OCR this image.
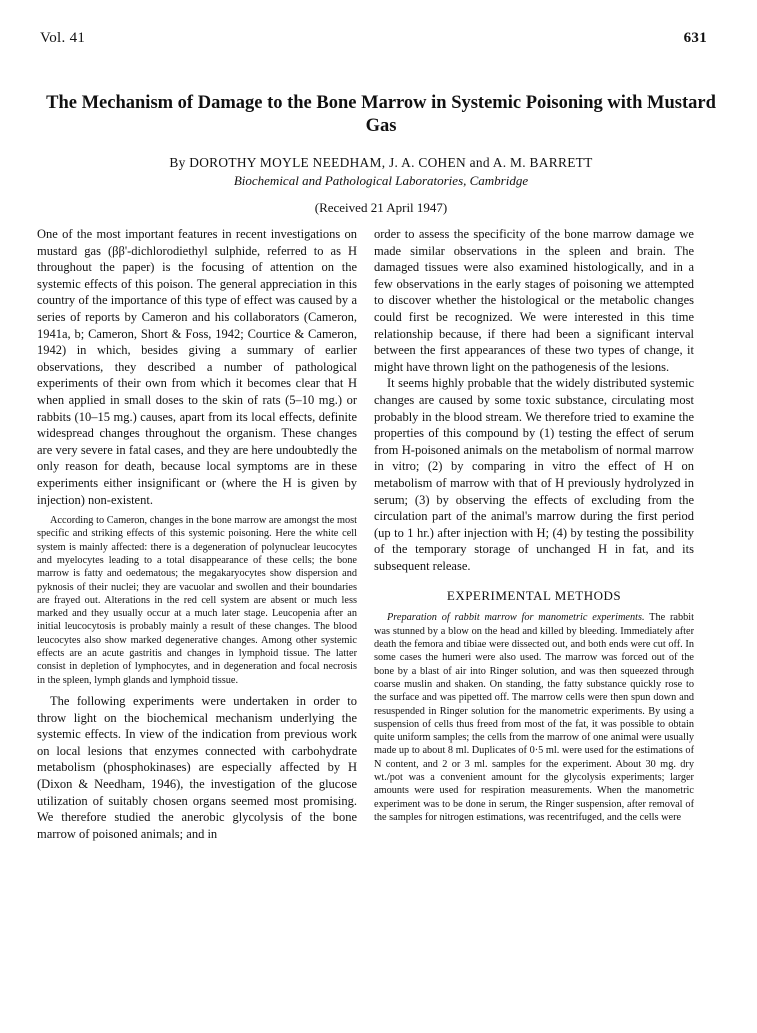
Vol. 41	631
The Mechanism of Damage to the Bone Marrow in Systemic Poisoning with Mustard Gas
By DOROTHY MOYLE NEEDHAM, J. A. COHEN and A. M. BARRETT
Biochemical and Pathological Laboratories, Cambridge
(Received 21 April 1947)

One of the most important features in recent investigations on mustard gas (ββ'-dichlorodiethyl sulphide, referred to as H throughout the paper) is the focusing of attention on the systemic effects of this poison. The general appreciation in this country of the importance of this type of effect was caused by a series of reports by Cameron and his collaborators (Cameron, 1941a, b; Cameron, Short & Foss, 1942; Courtice & Cameron, 1942) in which, besides giving a summary of earlier observations, they described a number of pathological experiments of their own from which it becomes clear that H when applied in small doses to the skin of rats (5–10 mg.) or rabbits (10–15 mg.) causes, apart from its local effects, definite widespread changes throughout the organism. These changes are very severe in fatal cases, and they are here undoubtedly the only reason for death, because local symptoms are in these experiments either insignificant or (where the H is given by injection) non-existent.

According to Cameron, changes in the bone marrow are amongst the most specific and striking effects of this systemic poisoning. Here the white cell system is mainly affected: there is a degeneration of polynuclear leucocytes and myelocytes leading to a total disappearance of these cells; the bone marrow is fatty and oedematous; the megakaryocytes show dispersion and pyknosis of their nuclei; they are vacuolar and swollen and their boundaries are frayed out. Alterations in the red cell system are absent or much less marked and they usually occur at a much later stage. Leucopenia after an initial leucocytosis is probably mainly a result of these changes. The blood leucocytes also show marked degenerative changes. Among other systemic effects are an acute gastritis and changes in lymphoid tissue. The latter consist in depletion of lymphocytes, and in degeneration and focal necrosis in the spleen, lymph glands and lymphoid tissue.

The following experiments were undertaken in order to throw light on the biochemical mechanism underlying the systemic effects. In view of the indication from previous work on local lesions that enzymes connected with carbohydrate metabolism (phosphokinases) are especially affected by H (Dixon & Needham, 1946), the investigation of the glucose utilization of suitably chosen organs seemed most promising. We therefore studied the anerobic glycolysis of the bone marrow of poisoned animals; and in

order to assess the specificity of the bone marrow damage we made similar observations in the spleen and brain. The damaged tissues were also examined histologically, and in a few observations in the early stages of poisoning we attempted to discover whether the histological or the metabolic changes could first be recognized. We were interested in this time relationship because, if there had been a significant interval between the first appearances of these two types of change, it might have thrown light on the pathogenesis of the lesions.

It seems highly probable that the widely distributed systemic changes are caused by some toxic substance, circulating most probably in the blood stream. We therefore tried to examine the properties of this compound by (1) testing the effect of serum from H-poisoned animals on the metabolism of normal marrow in vitro; (2) by comparing in vitro the effect of H on metabolism of marrow with that of H previously hydrolyzed in serum; (3) by observing the effects of excluding from the circulation part of the animal's marrow during the first period (up to 1 hr.) after injection with H; (4) by testing the possibility of the temporary storage of unchanged H in fat, and its subsequent release.

EXPERIMENTAL METHODS

Preparation of rabbit marrow for manometric experiments. The rabbit was stunned by a blow on the head and killed by bleeding. Immediately after death the femora and tibiae were dissected out, and both ends were cut off. In some cases the humeri were also used. The marrow was forced out of the bone by a blast of air into Ringer solution, and was then squeezed through coarse muslin and shaken. On standing, the fatty substance quickly rose to the surface and was pipetted off. The marrow cells were then spun down and resuspended in Ringer solution for the manometric experiments. By using a suspension of cells thus freed from most of the fat, it was possible to obtain quite uniform samples; the cells from the marrow of one animal were usually made up to about 8 ml. Duplicates of 0·5 ml. were used for the estimations of N content, and 2 or 3 ml. samples for the experiment. About 30 mg. dry wt./pot was a convenient amount for the glycolysis experiments; larger amounts were used for respiration measurements. When the manometric experiment was to be done in serum, the Ringer suspension, after removal of the samples for nitrogen estimations, was recentrifuged, and the cells were
